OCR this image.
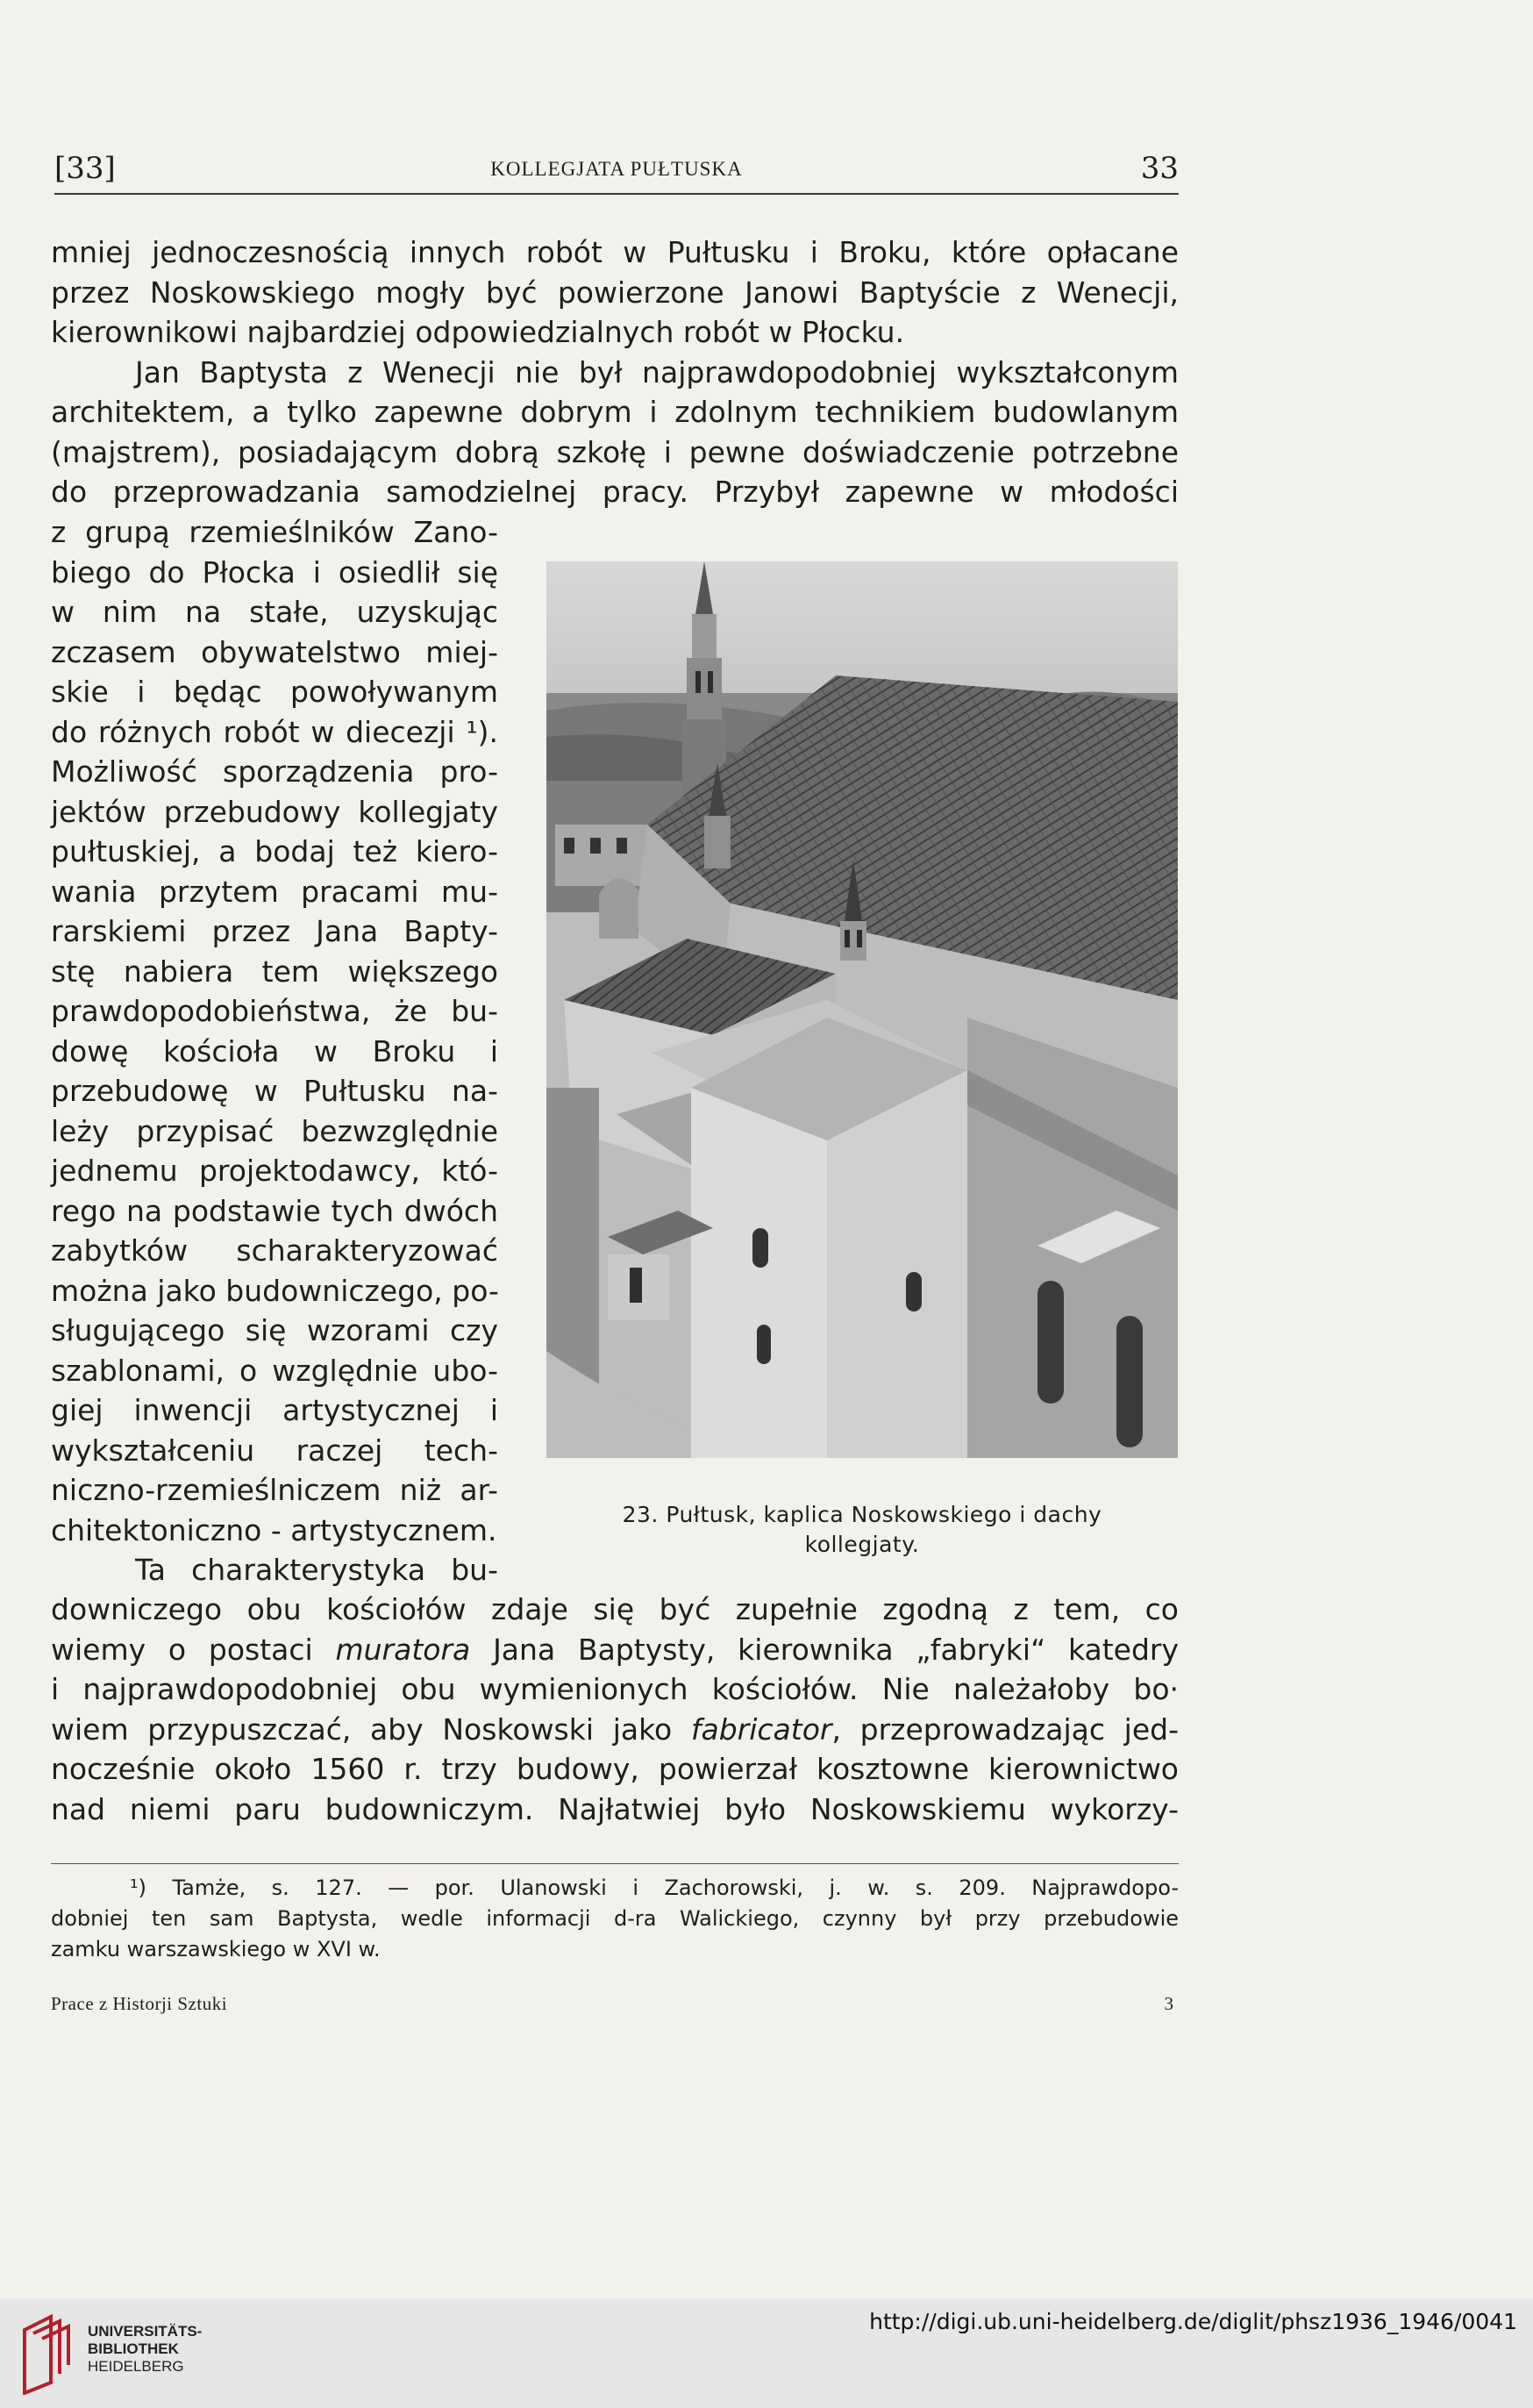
[33]	KOLLEGJATA PUŁTUSKA	33
mniej jednoczesnością innych robót w Pułtusku i Broku, które opłacane
przez Noskowskiego mogły być powierzone Janowi Baptyście z Wenecji,
kierownikowi najbardziej odpowiedzialnych robót w Płocku.
Jan Baptysta z Wenecji nie był najprawdopodobniej wykształconym
architektem, a tylko zapewne dobrym i zdolnym technikiem budowlanym
(majstrem), posiadającym dobrą szkołę i pewne doświadczenie potrzebne
do przeprowadzania samodzielnej pracy. Przybył zapewne w młodości
z grupą rzemieślników Zano-
biego do Płocka i osiedlił się
w nim na stałe, uzyskując
zczasem obywatelstwo miej-
skie i będąc powoływanym
do różnych robót w diecezji ¹).
Możliwość sporządzenia pro-
jektów przebudowy kollegjaty
pułtuskiej, a bodaj też kiero-
wania przytem pracami mu-
rarskiemi przez Jana Bapty-
stę nabiera tem większego
prawdopodobieństwa, że bu-
dowę kościoła w Broku i
przebudowę w Pułtusku na-
leży przypisać bezwzględnie
jednemu projektodawcy, któ-
rego na podstawie tych dwóch
zabytków scharakteryzować
można jako budowniczego, po-
sługującego się wzorami czy
szablonami, o względnie ubo-
giej inwencji artystycznej i
wykształceniu raczej tech-
niczno-rzemieślniczem niż ar-
chitektoniczno - artystycznem.
Ta charakterystyka bu-
23. Pułtusk, kaplica Noskowskiego i dachy
kollegjaty.
downiczego obu kościołów zdaje się być zupełnie zgodną z tem, co
wiemy o postaci muratora Jana Baptysty, kierownika „fabryki“ katedry
i najprawdopodobniej obu wymienionych kościołów. Nie należałoby bo·
wiem przypuszczać, aby Noskowski jako fabricator, przeprowadzając jed-
nocześnie około 1560 r. trzy budowy, powierzał kosztowne kierownictwo
nad niemi paru budowniczym. Najłatwiej było Noskowskiemu wykorzy-
¹) Tamże, s. 127. — por. Ulanowski i Zachorowski, j. w. s. 209. Najprawdopo-
dobniej ten sam Baptysta, wedle informacji d-ra Walickiego, czynny był przy przebudowie
zamku warszawskiego w XVI w.
Prace z Historji Sztuki	3
UNIVERSITÄTS-
BIBLIOTHEK
HEIDELBERG
http://digi.ub.uni-heidelberg.de/diglit/phsz1936_1946/0041
